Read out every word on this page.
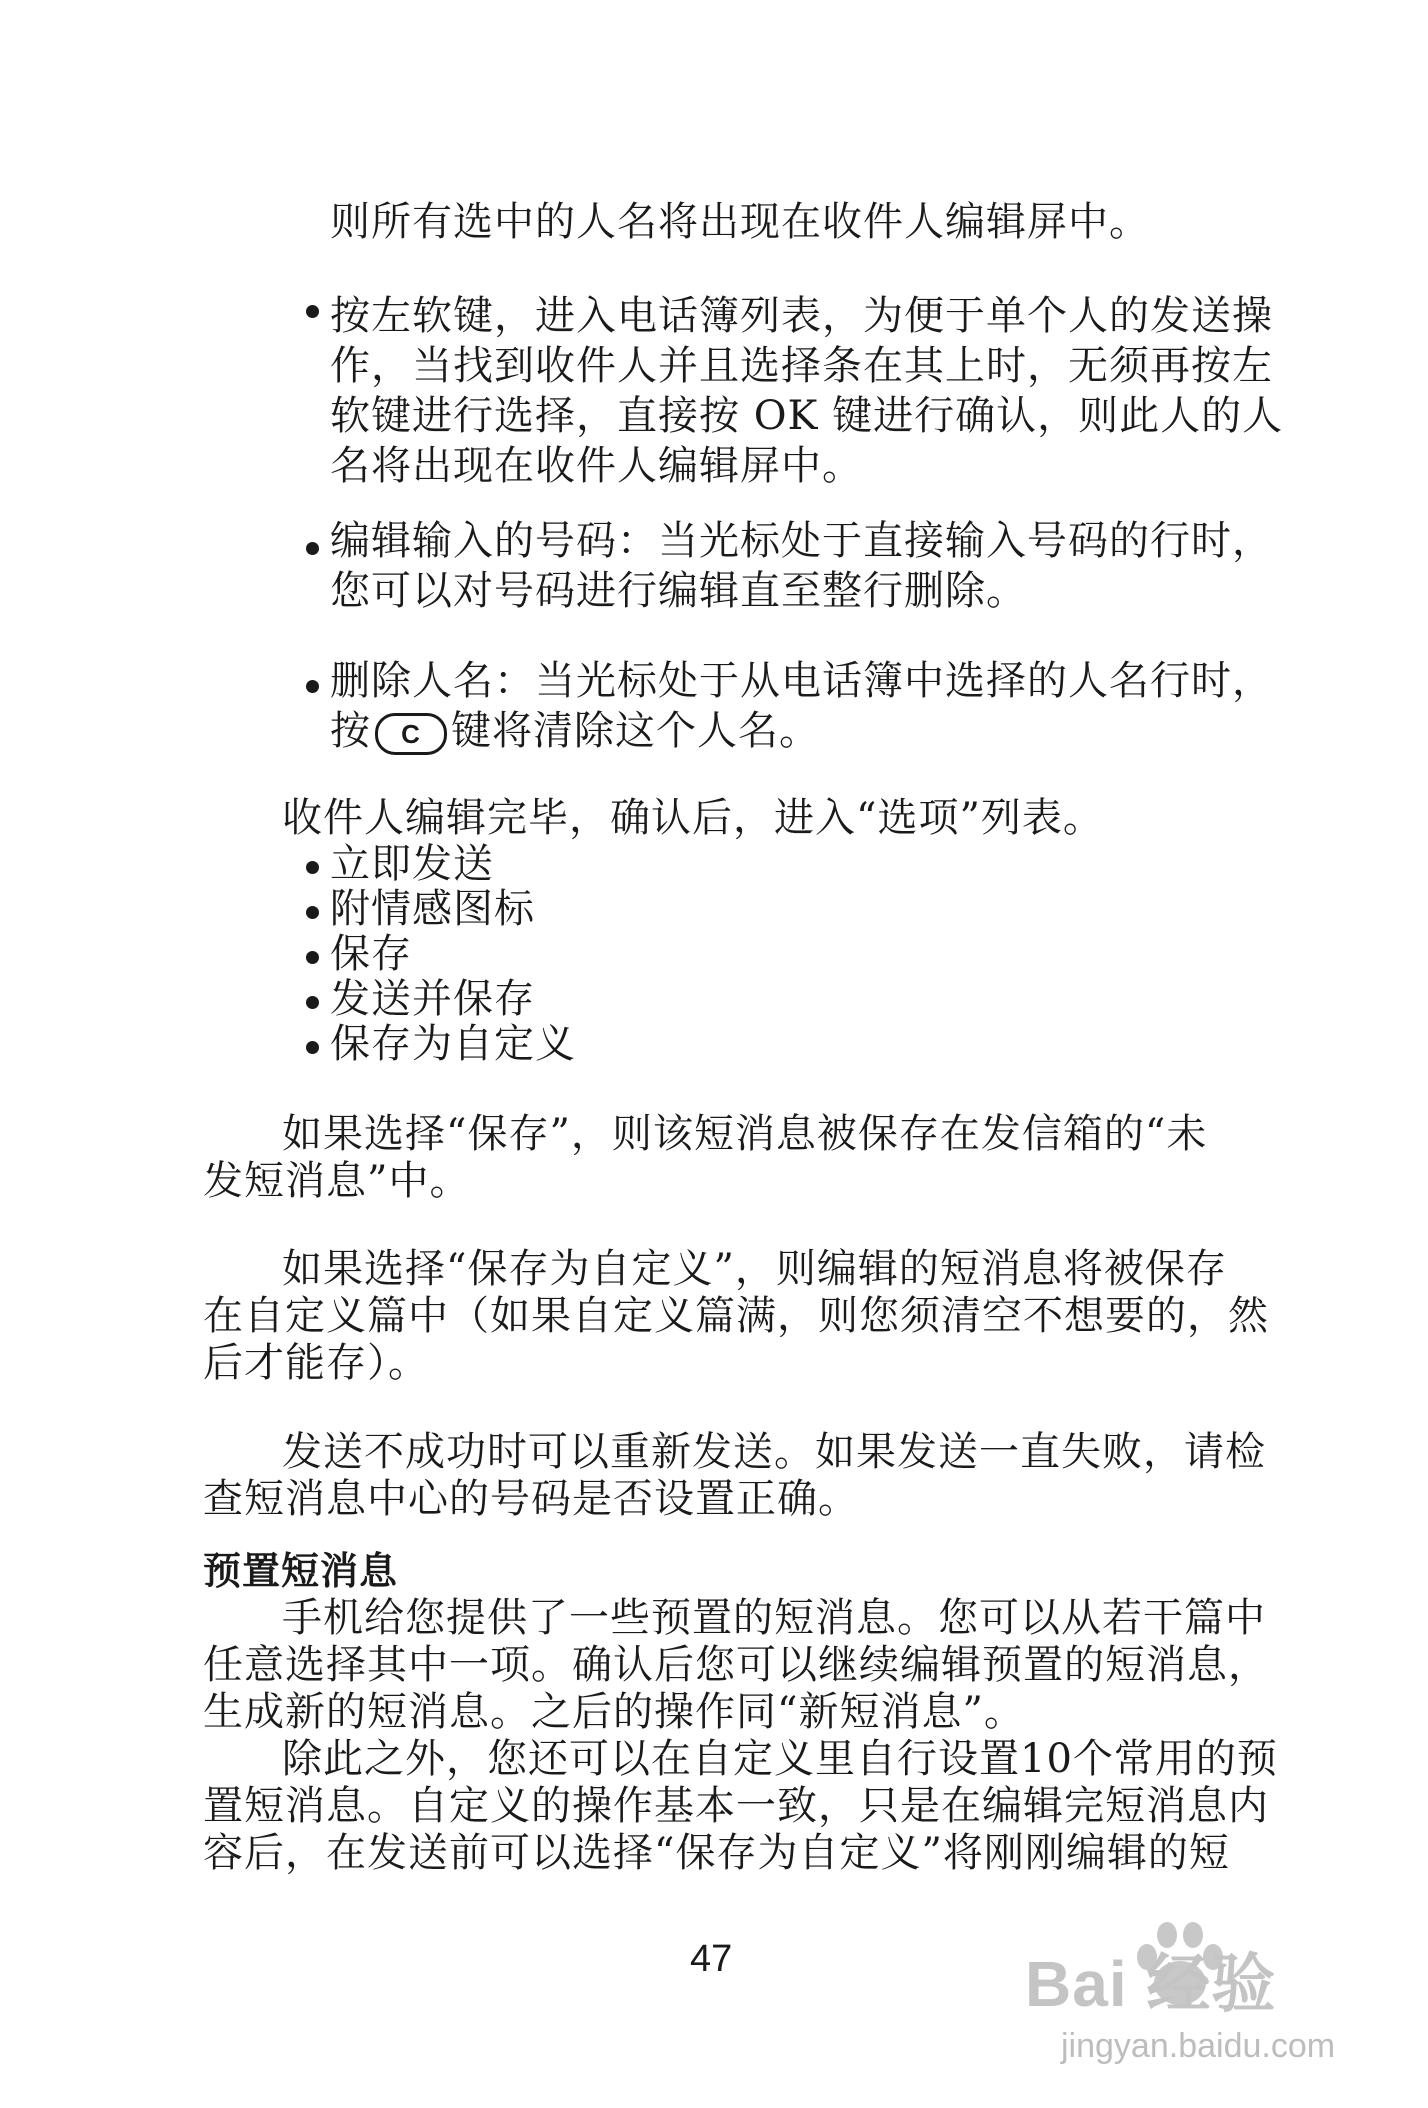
则所有选中的人名将出现在收件人编辑屏中。
按左软键，进入电话簿列表，为便于单个人的发送操
作，当找到收件人并且选择条在其上时，无须再按左
软键进行选择，直接按 OK 键进行确认，则此人的人
名将出现在收件人编辑屏中。
编辑输入的号码：当光标处于直接输入号码的行时，
您可以对号码进行编辑直至整行删除。
删除人名：当光标处于从电话簿中选择的人名行时，
按 C 键将清除这个人名。
收件人编辑完毕，确认后，进入“选项”列表。
立即发送
附情感图标
保存
发送并保存
保存为自定义
如果选择“保存”，则该短消息被保存在发信箱的“未
发短消息”中。
如果选择“保存为自定义”，则编辑的短消息将被保存
在自定义篇中（如果自定义篇满，则您须清空不想要的，然
后才能存）。
发送不成功时可以重新发送。如果发送一直失败，请检
查短消息中心的号码是否设置正确。
预置短消息
手机给您提供了一些预置的短消息。您可以从若干篇中
任意选择其中一项。确认后您可以继续编辑预置的短消息，
生成新的短消息。之后的操作同“新短消息”。
除此之外，您还可以在自定义里自行设置10个常用的预
置短消息。自定义的操作基本一致，只是在编辑完短消息内
容后，在发送前可以选择“保存为自定义”将刚刚编辑的短
47	Bai 经验
jingyan.baidu.com
